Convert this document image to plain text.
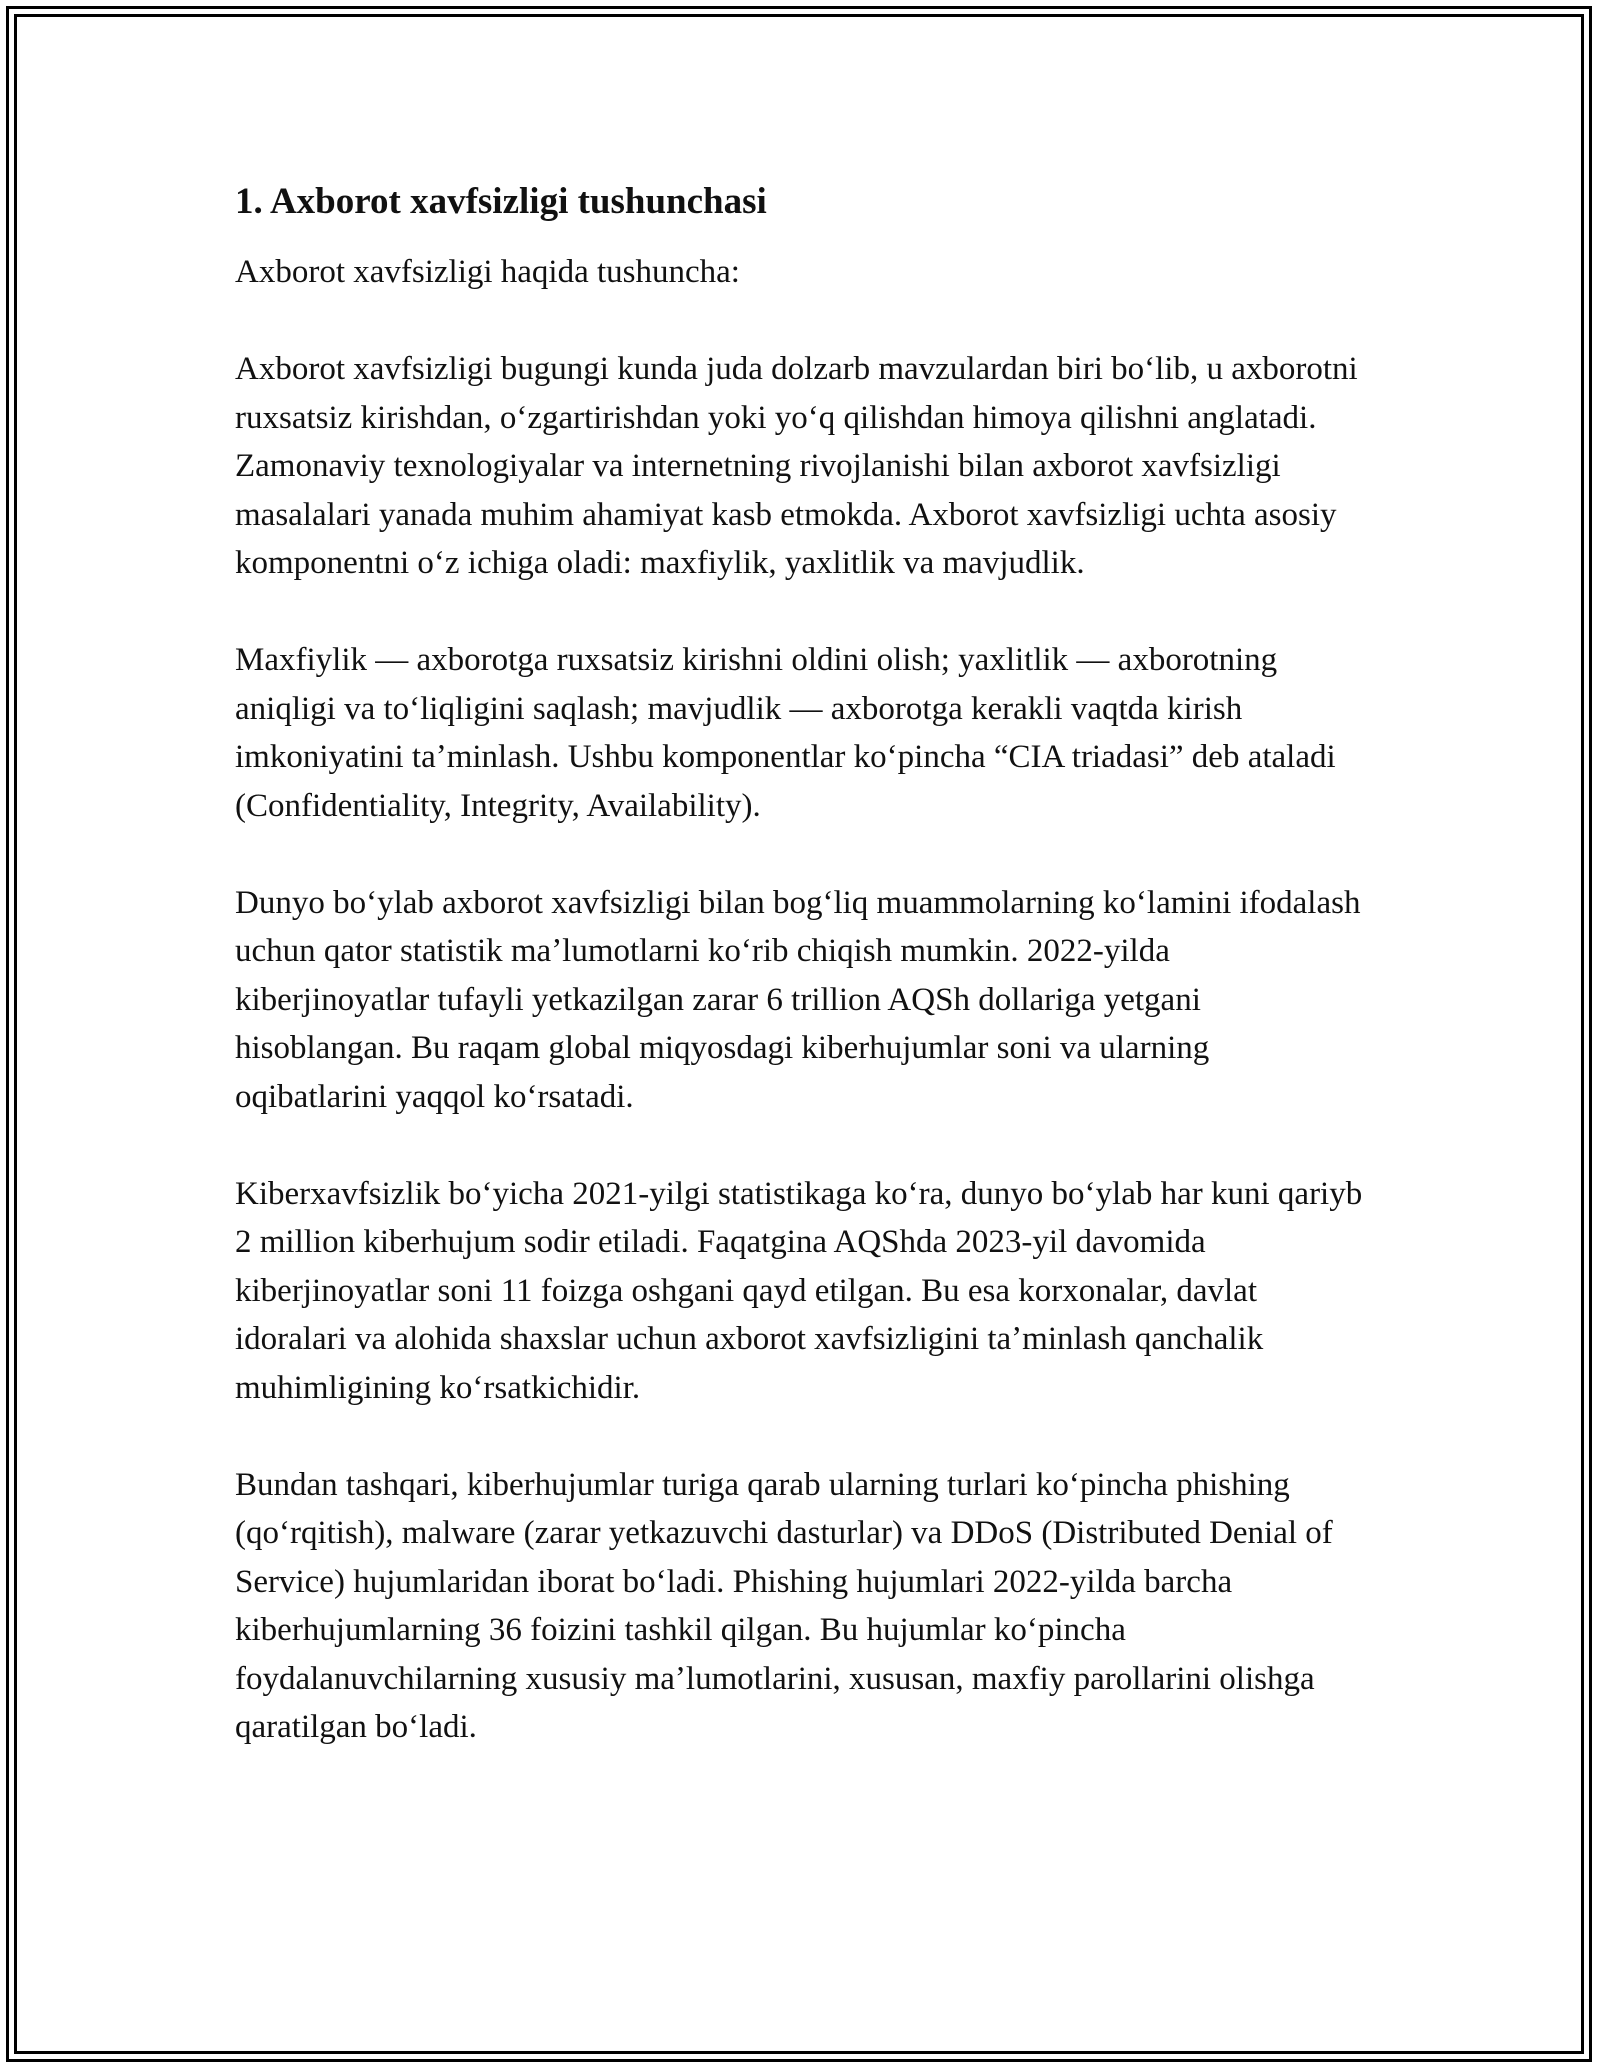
1. Axborot xavfsizligi tushunchasi

Axborot xavfsizligi haqida tushuncha:

Axborot xavfsizligi bugungi kunda juda dolzarb mavzulardan biri boʻlib, u axborotni ruxsatsiz kirishdan, oʻzgartirishdan yoki yoʻq qilishdan himoya qilishni anglatadi. Zamonaviy texnologiyalar va internetning rivojlanishi bilan axborot xavfsizligi masalalari yanada muhim ahamiyat kasb etmokda. Axborot xavfsizligi uchta asosiy komponentni oʻz ichiga oladi: maxfiylik, yaxlitlik va mavjudlik.

Maxfiylik — axborotga ruxsatsiz kirishni oldini olish; yaxlitlik — axborotning aniqligi va toʻliqligini saqlash; mavjudlik — axborotga kerakli vaqtda kirish imkoniyatini taʼminlash. Ushbu komponentlar koʻpincha “CIA triadasi” deb ataladi (Confidentiality, Integrity, Availability).

Dunyo boʻylab axborot xavfsizligi bilan bogʻliq muammolarning koʻlamini ifodalash uchun qator statistik maʼlumotlarni koʻrib chiqish mumkin. 2022-yilda kiberjinoyatlar tufayli yetkazilgan zarar 6 trillion AQSh dollariga yetgani hisoblangan. Bu raqam global miqyosdagi kiberhujumlar soni va ularning oqibatlarini yaqqol koʻrsatadi.

Kiberxavfsizlik boʻyicha 2021-yilgi statistikaga koʻra, dunyo boʻylab har kuni qariyb 2 million kiberhujum sodir etiladi. Faqatgina AQShda 2023-yil davomida kiberjinoyatlar soni 11 foizga oshgani qayd etilgan. Bu esa korxonalar, davlat idoralari va alohida shaxslar uchun axborot xavfsizligini taʼminlash qanchalik muhimligining koʻrsatkichidir.

Bundan tashqari, kiberhujumlar turiga qarab ularning turlari koʻpincha phishing (qoʻrqitish), malware (zarar yetkazuvchi dasturlar) va DDoS (Distributed Denial of Service) hujumlaridan iborat boʻladi. Phishing hujumlari 2022-yilda barcha kiberhujumlarning 36 foizini tashkil qilgan. Bu hujumlar koʻpincha foydalanuvchilarning xususiy maʼlumotlarini, xususan, maxfiy parollarini olishga qaratilgan boʻladi.
